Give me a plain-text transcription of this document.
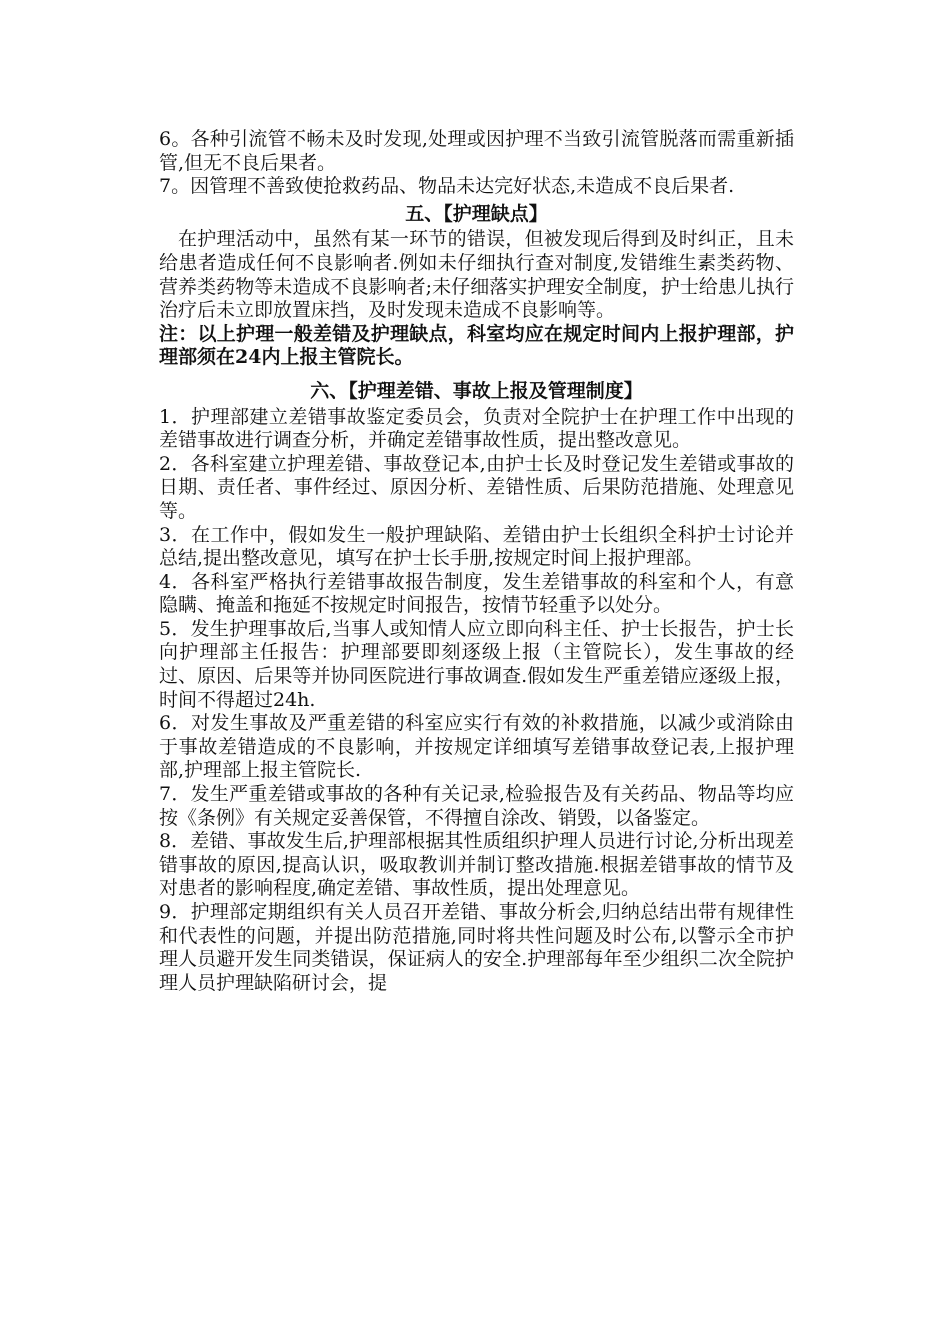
6。各种引流管不畅未及时发现,处理或因护理不当致引流管脱落而需重新插管,但无不良后果者。

7。因管理不善致使抢救药品、物品未达完好状态,未造成不良后果者.

五、【护理缺点】

在护理活动中，虽然有某一环节的错误，但被发现后得到及时纠正，且未给患者造成任何不良影响者.例如未仔细执行查对制度,发错维生素类药物、营养类药物等未造成不良影响者;未仔细落实护理安全制度，护士给患儿执行治疗后未立即放置床挡，及时发现未造成不良影响等。

注：以上护理一般差错及护理缺点，科室均应在规定时间内上报护理部，护理部须在24内上报主管院长。

六、【护理差错、事故上报及管理制度】

1．护理部建立差错事故鉴定委员会，负责对全院护士在护理工作中出现的差错事故进行调查分析，并确定差错事故性质，提出整改意见。

2．各科室建立护理差错、事故登记本,由护士长及时登记发生差错或事故的日期、责任者、事件经过、原因分析、差错性质、后果防范措施、处理意见等。

3．在工作中，假如发生一般护理缺陷、差错由护士长组织全科护士讨论并总结,提出整改意见，填写在护士长手册,按规定时间上报护理部。

4．各科室严格执行差错事故报告制度，发生差错事故的科室和个人，有意隐瞒、掩盖和拖延不按规定时间报告，按情节轻重予以处分。

5．发生护理事故后,当事人或知情人应立即向科主任、护士长报告，护士长向护理部主任报告：护理部要即刻逐级上报（主管院长），发生事故的经过、原因、后果等并协同医院进行事故调查.假如发生严重差错应逐级上报，时间不得超过24h.

6．对发生事故及严重差错的科室应实行有效的补救措施，以减少或消除由于事故差错造成的不良影响，并按规定详细填写差错事故登记表,上报护理部,护理部上报主管院长.

7．发生严重差错或事故的各种有关记录,检验报告及有关药品、物品等均应按《条例》有关规定妥善保管，不得擅自涂改、销毁，以备鉴定。

8．差错、事故发生后,护理部根据其性质组织护理人员进行讨论,分析出现差错事故的原因,提高认识，吸取教训并制订整改措施.根据差错事故的情节及对患者的影响程度,确定差错、事故性质，提出处理意见。

9．护理部定期组织有关人员召开差错、事故分析会,归纳总结出带有规律性和代表性的问题，并提出防范措施,同时将共性问题及时公布,以警示全市护理人员避开发生同类错误，保证病人的安全.护理部每年至少组织二次全院护理人员护理缺陷研讨会，提
